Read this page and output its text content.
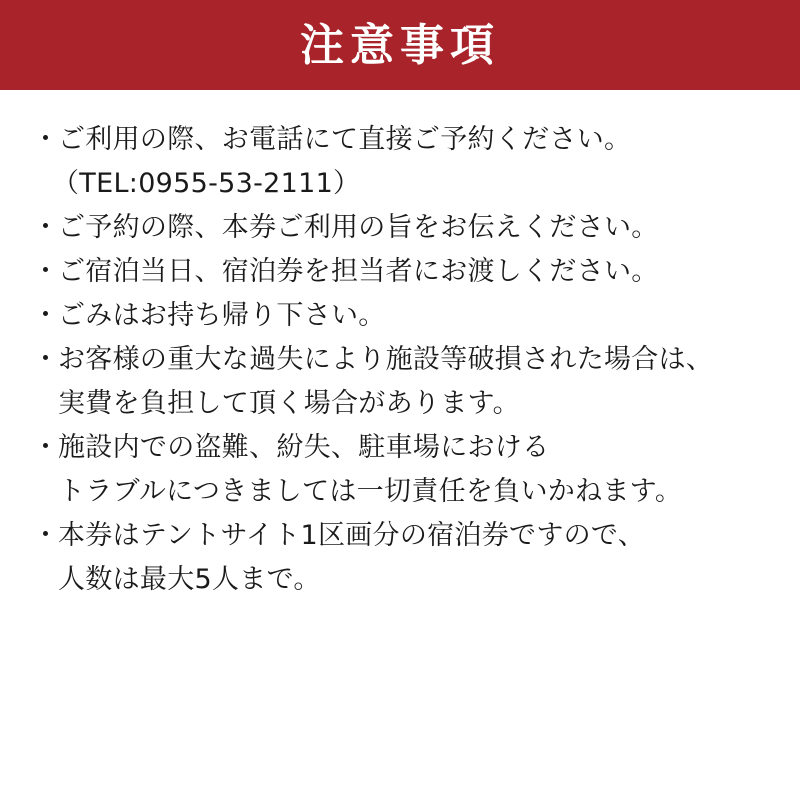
注意事項
・ ご利用の際、お電話にて直接ご予約ください。
（TEL:0955-53-2111）
・ ご予約の際、本券ご利用の旨をお伝えください。
・ ご宿泊当日、宿泊券を担当者にお渡しください。
・ ごみはお持ち帰り下さい。
・ お客様の重大な過失により施設等破損された場合は、
実費を負担して頂く場合があります。
・ 施設内での盗難、紛失、駐車場における
トラブルにつきましては一切責任を負いかねます。
・ 本券はテントサイト1区画分の宿泊券ですので、
人数は最大5人まで。
